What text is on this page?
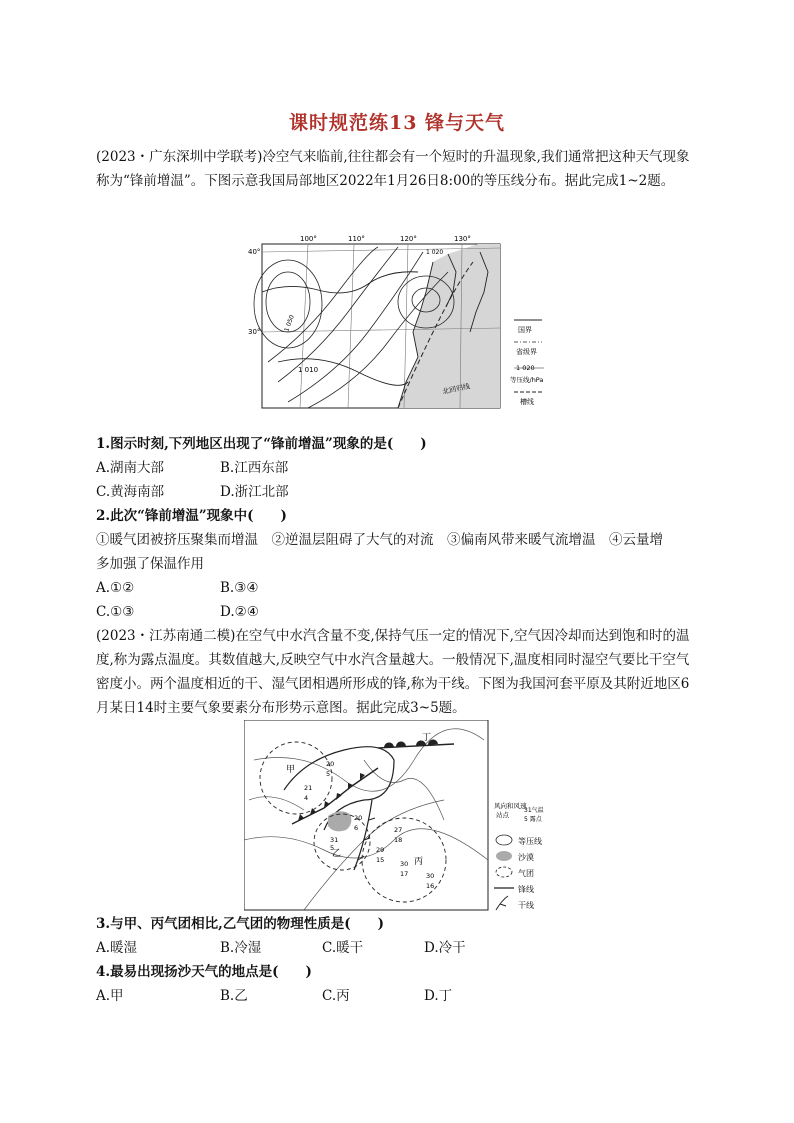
课时规范练13 锋与天气

(2023・广东深圳中学联考)冷空气来临前,往往都会有一个短时的升温现象,我们通常把这种天气现象称为“锋前增温”。下图示意我国局部地区2022年1月26日8:00的等压线分布。据此完成1~2题。

100°	110°	120°	130°
40°
30°
1 020
1 010
1 050
北回归线
国界
省级界
1 020
等压线/hPa
槽线
1.图示时刻,下列地区出现了“锋前增温”现象的是(　　)
A.湖南大部	B.江西东部
C.黄海南部	D.浙江北部
2.此次“锋前增温”现象中(　　)
①暖气团被挤压聚集而增温　②逆温层阻碍了大气的对流　③偏南风带来暖气流增温　④云量增
多加强了保温作用
A.①②	B.③④
C.①③	D.②④

(2023・江苏南通二模)在空气中水汽含量不变,保持气压一定的情况下,空气因冷却而达到饱和时的温度,称为露点温度。其数值越大,反映空气中水汽含量越大。一般情况下,温度相同时湿空气要比干空气密度小。两个温度相近的干、湿气团相遇所形成的锋,称为干线。下图为我国河套平原及其附近地区6月某日14时主要气象要素分布形势示意图。据此完成3~5题。

甲
乙
丙
丁
20
5
21
4
20
6
31
5
27
18
29
15 30
17	30
16
风向和风速
站点
31气温
5 露点
等压线
沙漠
气团
锋线
干线
3.与甲、丙气团相比,乙气团的物理性质是(　　)
A.暖湿	B.冷湿	C.暖干	D.冷干
4.最易出现扬沙天气的地点是(　　)
A.甲	B.乙	C.丙	D.丁
